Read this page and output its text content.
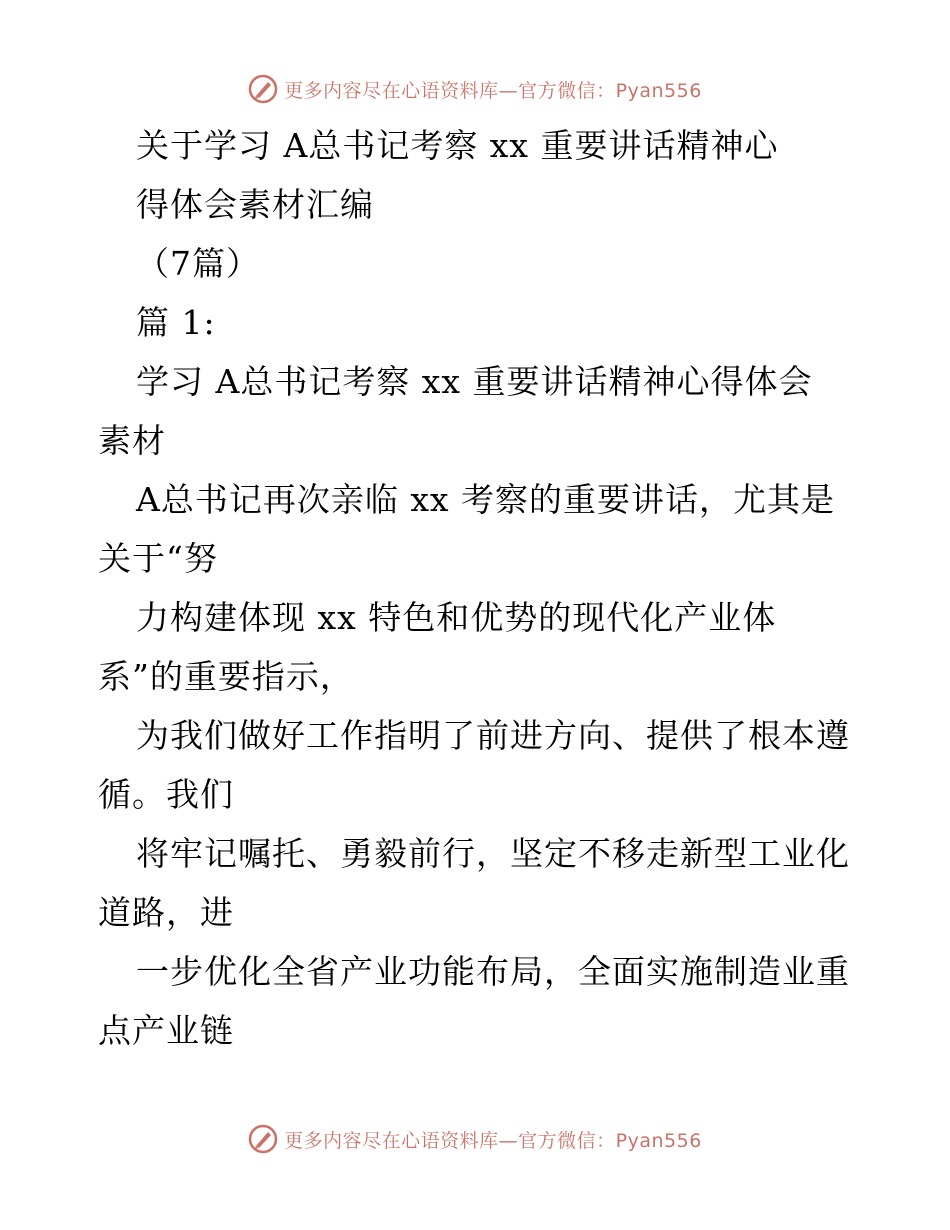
更多内容尽在心语资料库—官方微信：Pyan556
关于学习 A总书记考察 xx 重要讲话精神心
得体会素材汇编
（7篇）
篇 1:
学习 A总书记考察 xx 重要讲话精神心得体会
素材
A总书记再次亲临 xx 考察的重要讲话，尤其是
关于“努
力构建体现 xx 特色和优势的现代化产业体
系”的重要指示，
为我们做好工作指明了前进方向、提供了根本遵
循。我们
将牢记嘱托、勇毅前行，坚定不移走新型工业化
道路，进
一步优化全省产业功能布局，全面实施制造业重
点产业链
更多内容尽在心语资料库—官方微信：Pyan556
